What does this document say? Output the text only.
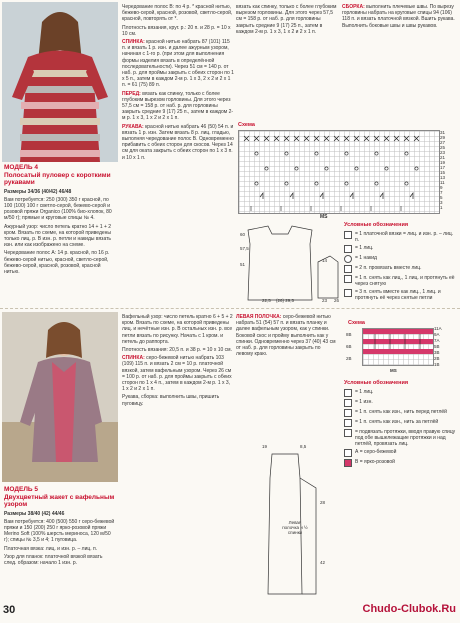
МОДЕЛЬ 4
Полосатый пуловер с короткими
рукавами

Размеры 34/36 (40/42) 46/48

Вам потребуется: 250 (300) 350 г красной, по 100 (100) 100 г светло-серой, бежево-серой и розовой пряжи Organico (100% био-хлопок, 80 м/50 г); прямые и круговые спицы № 4.

Ажурный узор: число петель кратно 14 + 1 + 2 кром. Вязать по схеме, на которой приведены только лиц. р. В изн. р. петли и накиды вязать изн. или как изображено на схеме.

Чередование полос А: 14 р. красной, по 16 р. бежево-серой нитью, красной, светло-серой, бежево-серой, красной, розовой, красной нитью.

Чередование полос В: по 4 р. * красной нитью, бежево-серой, красной, розовой, светло-серой, красной, повторять от *.

Плотность вязания, круг. р.: 20 п. и 28 р. = 10 х 10 см.

СПИНКА: красной нитью набрать 87 (101) 115 п. и вязать 1 р. изн. и далее ажурным узором, начиная с 1-го р. (при этом для выполнения формы изделия вязать в определённой последовательности). Через 51 см = 140 р. от наб. р. для проймы закрыть с обеих сторон по 1 х 5 п., затем в каждом 2-м р. 1 х 3, 2 х 2 и 2 х 1 п. = 61 (75) 89 п.

ПЕРЕД: вязать как спинку, только с более глубоким вырезом горловины. Для этого через 57,5 см = 158 р. от наб. р. для горловины закрыть средние 9 (17) 25 п., затем в каждом 2-м р. 1 х 3, 1 х 2 и 2 х 1 п.

РУКАВА: красной нитью набрать 46 (50) 54 п. и вязать 1 р. изн. Затем вязать 8 р. лиц. гладью, выполняя чередование полос В. Одновременно прибавить с обеих сторон для скосов. Через 14 см для оката закрыть с обеих сторон по 1 х 3 п. и 10 х 1 п.

вязать как спинку, только с более глубоким вырезом горловины. Для этого через 57,5 см = 158 р. от наб. р. для горловины закрыть средние 9 (17) 25 п., затем в каждом 2-м р. 1 х 3, 1 х 2 и 2 х 1 п.

СБОРКА: выполнить плечевые швы. По вырезу горловины набрать на круговые спицы 94 (106) 118 п. и вязать платочной вязкой. Вшить рукава. Выполнить боковые швы и швы рукавов.

Схема
31
29
27
25
23
21
19
17
15
13
11
9
7
5
3
1
МS
22,5 (26) 29,5
51
57,5
60
14
23 26
Условные обозначения
= 1 платочной вязки = лиц. и изн. р. – лиц. п.
= 1 лиц.
= 1 накид
= 2 п. провязать вместе лиц.
= 1 п. снять как лиц., 1 лиц. и протянуть её через снятую
= 3 п. снять вместе как лиц., 1 лиц. и протянуть её через снятые петли

МОДЕЛЬ 5
Двухцветный жакет с вафельным
узором

Размеры 38/40 (42) 44/46

Вам потребуется: 400 (500) 550 г серо-бежевой пряжи и 150 (200) 250 г ярко-розовой пряжи Merino Soft (100% шерсть мериноса, 120 м/50 г); спицы № 3,5 и 4; 1 пуговица.

Платочная вязка: лиц. и изн. р. – лиц. п.

Узор для планок: платочной вязкой вязать след. образом: начало 1 изн. р.

Вафельный узор: число петель кратно 6 + 5 + 2 кром. Вязать по схеме, на которой приведены лиц. и нечётные изн. р. В остальных изн. р. все петли вязать по рисунку. Начать с 1 кром. и петель до раппорта.

Плотность вязания: 20,5 п. и 38 р. = 10 х 10 см.

СПИНКА: серо-бежевой нитью набрать 103 (109) 115 п. и вязать 2 см = 10 р. платочной вязкой, затем вафельным узором. Через 26 см = 100 р. от наб. р. для проймы закрыть с обеих сторон по 1 х 4 п., затем в каждом 2-м р. 1 х 3, 1 х 2 и 2 х 1 п.

Рукава, сборка: выполнить швы, пришить пуговицу.

ЛЕВАЯ ПОЛОЧКА: серо-бежевой нитью набрать 51 (54) 57 п. и вязать планку и далее вафельным узором, как у спинки. Боковой скос и пройму выполнить как у спинки. Одновременно через 37 (40) 43 см от наб. р. для горловины закрыть по левому краю.

Левая полочка и ½ спинки
19
28
42
8,5
Схема
11A
9A
7A
5B
3B
2B
1B
8B
6B
2B
МS
Условные обозначения
= 1 лиц.
= 1 изн.
= 1 п. снять как изн., нить перед петлёй
= 1 п. снять как изн., нить за петлёй
= подвязать протяжки, вводя правую спицу под обе вышележащие протяжки и над петлёй, провязать лиц.
А = серо-бежевой
В = ярко-розовой
30	Chudo-Clubok.Ru
